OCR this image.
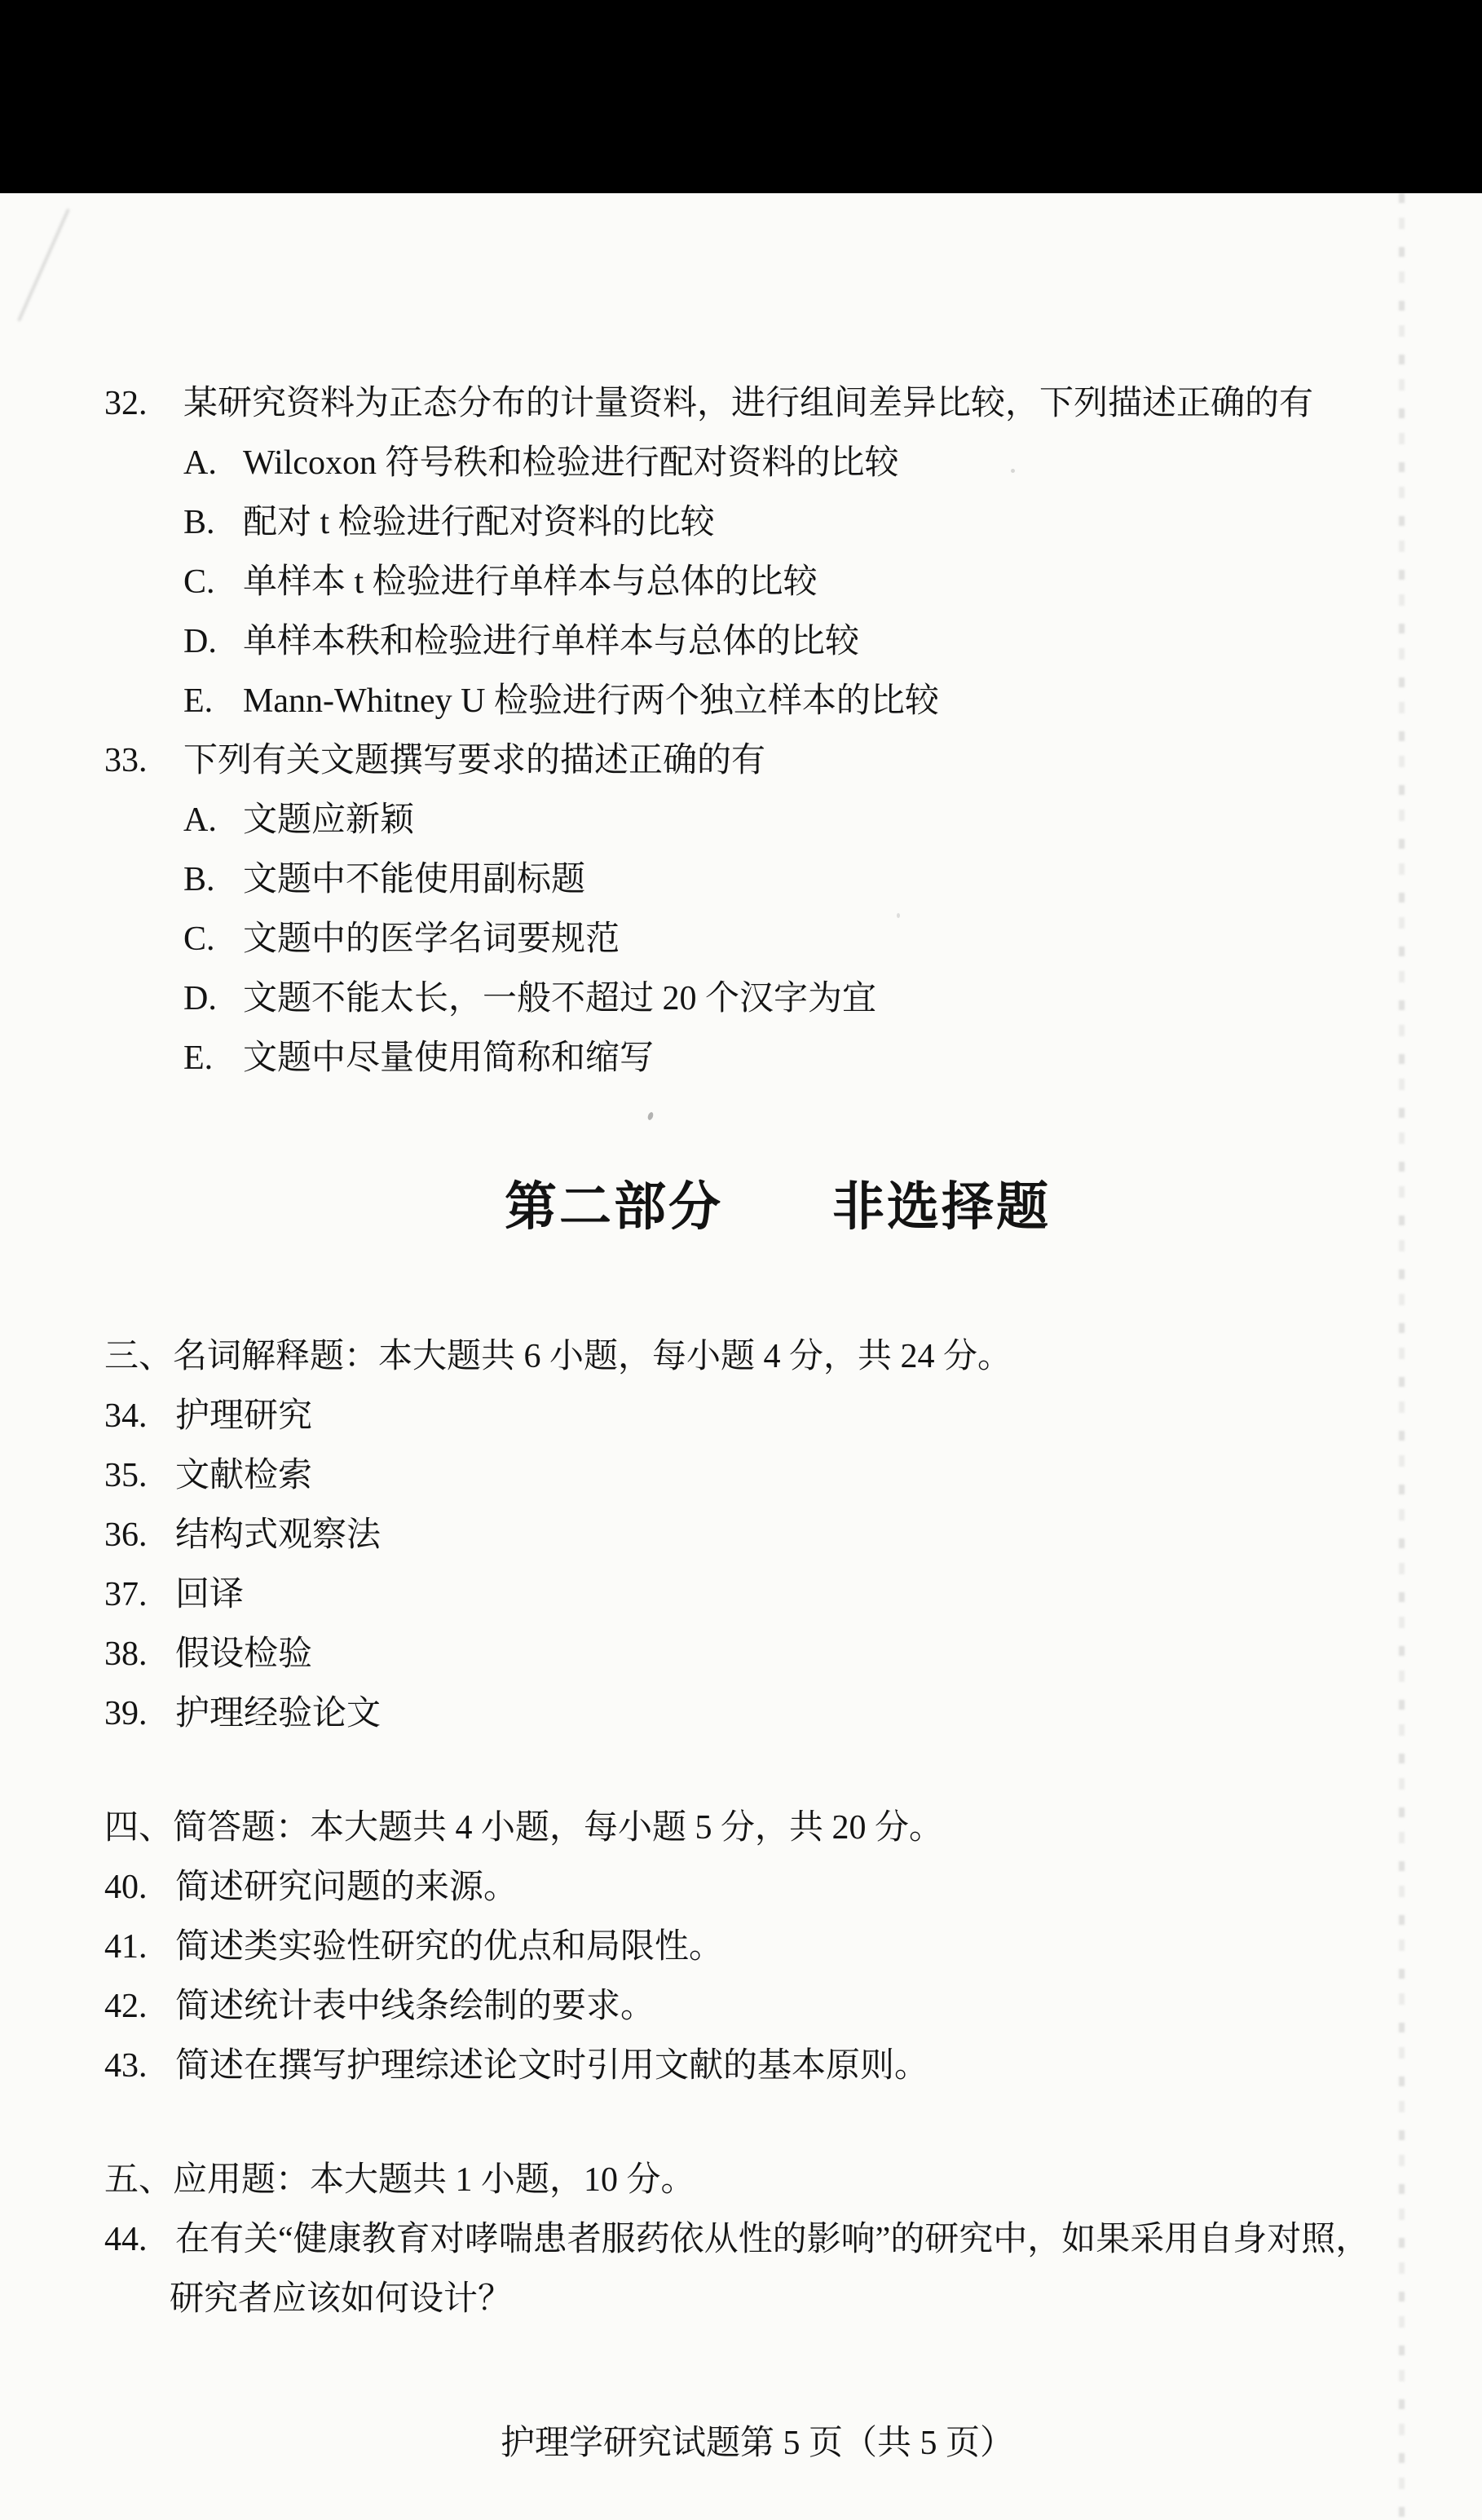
32. 某研究资料为正态分布的计量资料，进行组间差异比较，下列描述正确的有
A. Wilcoxon 符号秩和检验进行配对资料的比较
B. 配对 t 检验进行配对资料的比较
C. 单样本 t 检验进行单样本与总体的比较
D. 单样本秩和检验进行单样本与总体的比较
E. Mann-Whitney U 检验进行两个独立样本的比较
33. 下列有关文题撰写要求的描述正确的有
A. 文题应新颖
B. 文题中不能使用副标题
C. 文题中的医学名词要规范
D. 文题不能太长，一般不超过 20 个汉字为宜
E. 文题中尽量使用简称和缩写
第二部分　　非选择题
三、名词解释题：本大题共 6 小题，每小题 4 分，共 24 分。
34. 护理研究
35. 文献检索
36. 结构式观察法
37. 回译
38. 假设检验
39. 护理经验论文
四、简答题：本大题共 4 小题，每小题 5 分，共 20 分。
40. 简述研究问题的来源。
41. 简述类实验性研究的优点和局限性。
42. 简述统计表中线条绘制的要求。
43. 简述在撰写护理综述论文时引用文献的基本原则。
五、应用题：本大题共 1 小题，10 分。
44. 在有关“健康教育对哮喘患者服药依从性的影响”的研究中，如果采用自身对照，
研究者应该如何设计？
护理学研究试题第 5 页（共 5 页）
